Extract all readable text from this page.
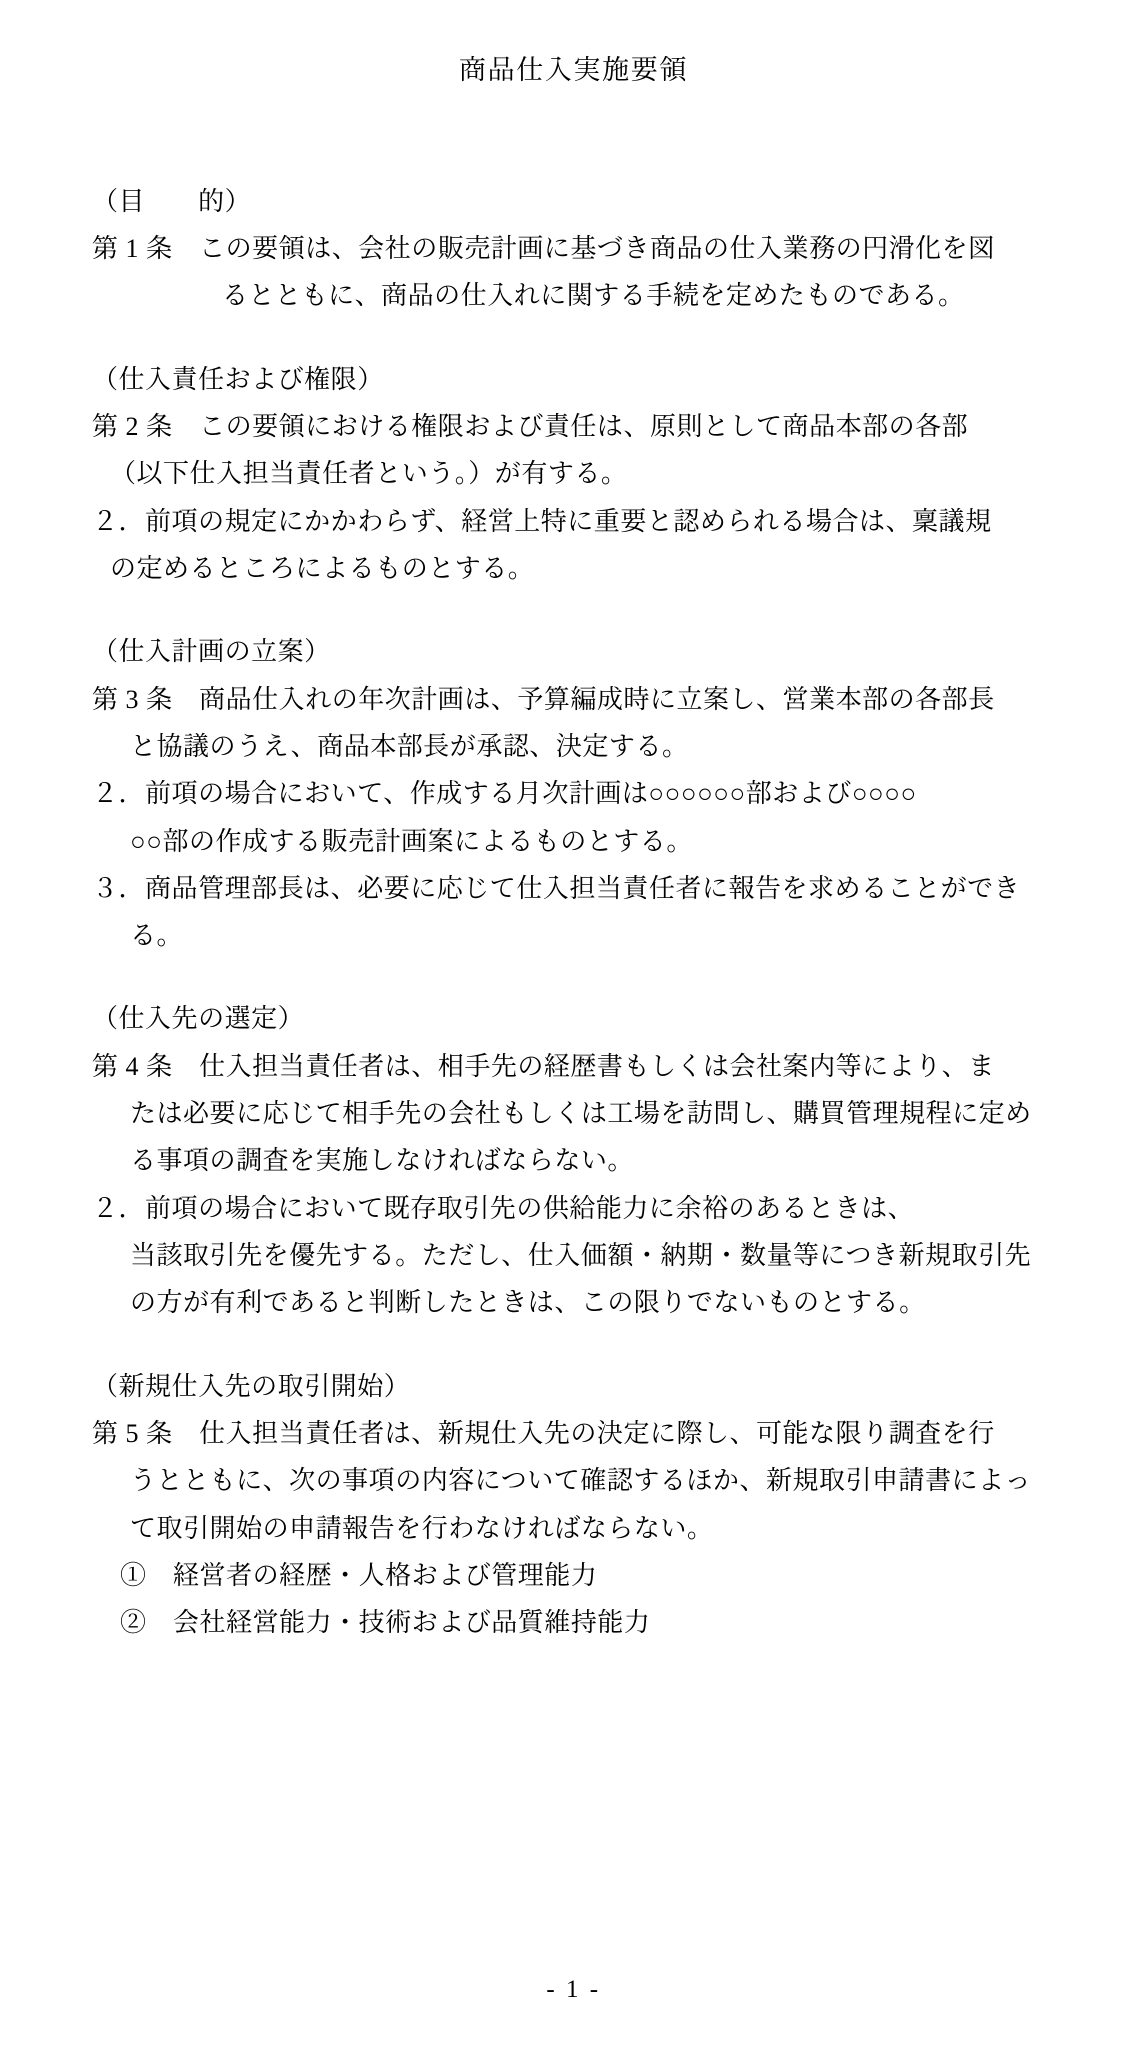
商品仕入実施要領
（目　　的）
第 1 条　この要領は、会社の販売計画に基づき商品の仕入業務の円滑化を図
るとともに、商品の仕入れに関する手続を定めたものである。
（仕入責任および権限）
第 2 条　この要領における権限および責任は、原則として商品本部の各部
（以下仕入担当責任者という。）が有する。
２．前項の規定にかかわらず、経営上特に重要と認められる場合は、稟議規
の定めるところによるものとする。
（仕入計画の立案）
第 3 条　商品仕入れの年次計画は、予算編成時に立案し、営業本部の各部長
と協議のうえ、商品本部長が承認、決定する。
２．前項の場合において、作成する月次計画は○○○○○○部および○○○○
○○部の作成する販売計画案によるものとする。
３．商品管理部長は、必要に応じて仕入担当責任者に報告を求めることができ
る。
（仕入先の選定）
第 4 条　仕入担当責任者は、相手先の経歴書もしくは会社案内等により、ま
たは必要に応じて相手先の会社もしくは工場を訪問し、購買管理規程に定め
る事項の調査を実施しなければならない。
２．前項の場合において既存取引先の供給能力に余裕のあるときは、
当該取引先を優先する。ただし、仕入価額・納期・数量等につき新規取引先
の方が有利であると判断したときは、この限りでないものとする。
（新規仕入先の取引開始）
第 5 条　仕入担当責任者は、新規仕入先の決定に際し、可能な限り調査を行
うとともに、次の事項の内容について確認するほか、新規取引申請書によっ
て取引開始の申請報告を行わなければならない。
①　経営者の経歴・人格および管理能力
②　会社経営能力・技術および品質維持能力
- 1 -
